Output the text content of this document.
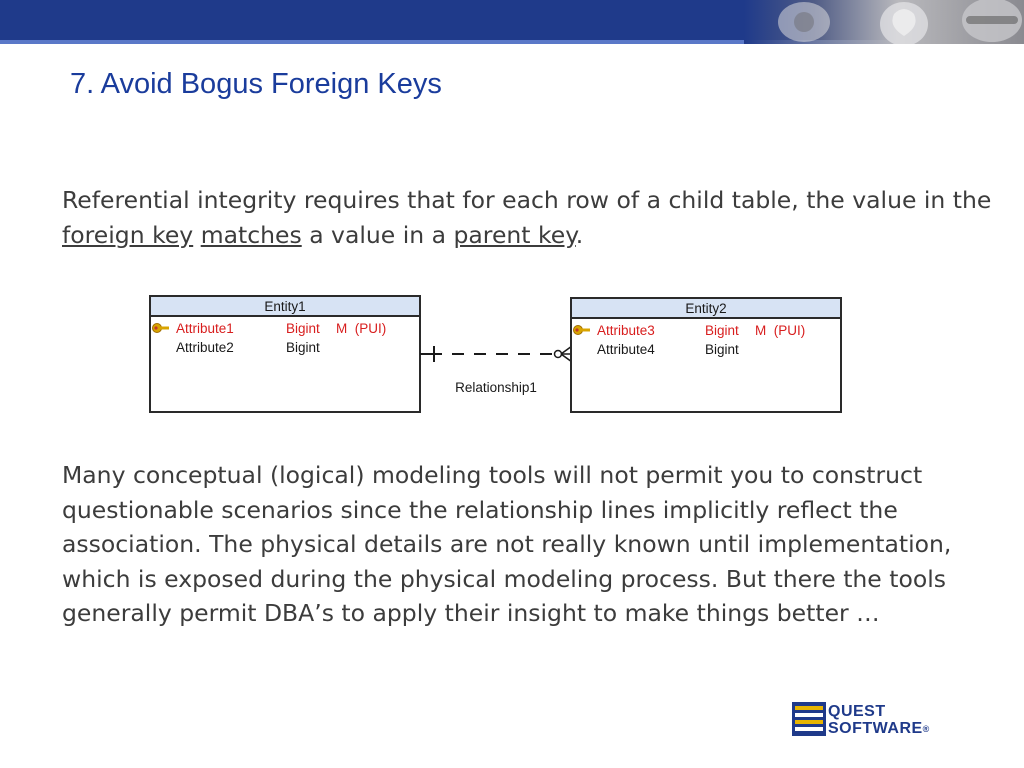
7. Avoid Bogus Foreign Keys
Referential integrity requires that for each row of a child table, the value in the foreign key matches a value in a parent key.
Entity1
Attribute1	Bigint M  (PUI)
Attribute2	Bigint
Relationship1
Entity2
Attribute3	Bigint M  (PUI)
Attribute4	Bigint
Many conceptual (logical) modeling tools will not permit you to construct questionable scenarios since the relationship lines implicitly reflect the association. The physical details are not really known until implementation, which is exposed during the physical modeling process. But there the tools generally permit DBA’s to apply their insight to make things better …
QUEST
SOFTWARE®
